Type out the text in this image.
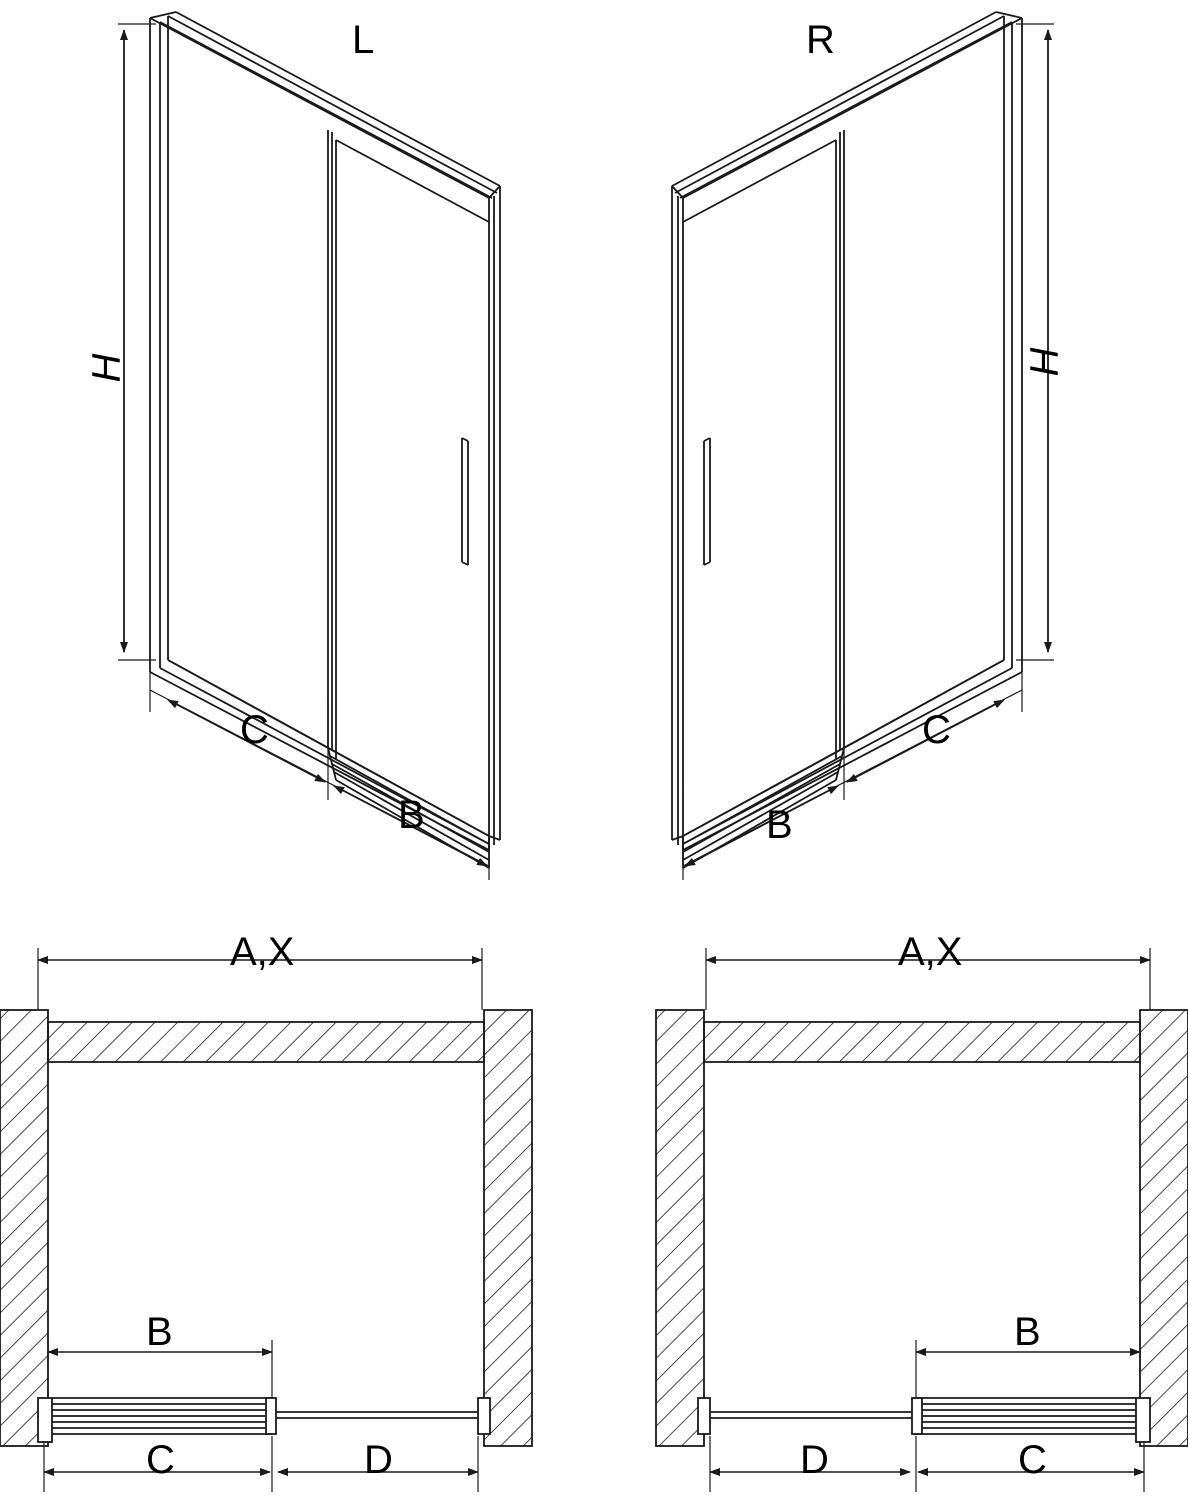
L	R
H	H
C
B
C
B
A,X	A,X
B
C	D
B
D	C
